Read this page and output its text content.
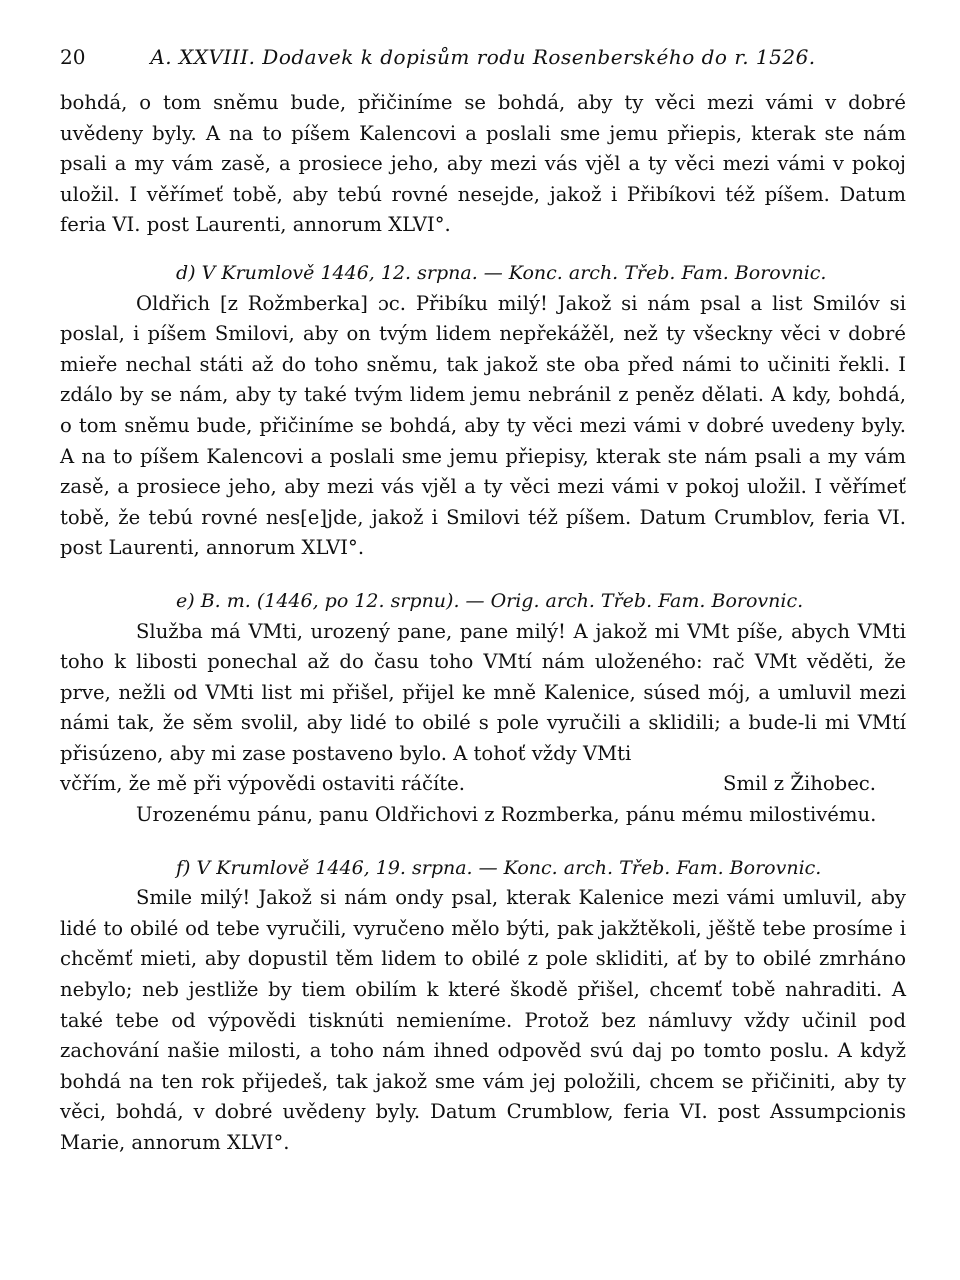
20	A. XXVIII. Dodavek k dopisům rodu Rosenberského do r. 1526.

bohdá, o tom sněmu bude, přičiníme se bohdá, aby ty věci mezi vámi v dobré uvědeny byly. A na to píšem Kalencovi a poslali sme jemu přiepis, kterak ste nám psali a my vám zasě, a prosiece jeho, aby mezi vás vjěl a ty věci mezi vámi v pokoj uložil. I věřímeť tobě, aby tebú rovné nesejde, jakož i Přibíkovi též píšem. Datum feria VI. post Laurenti, annorum XLVI°.

d) V Krumlově 1446, 12. srpna. — Konc. arch. Třeb. Fam. Borovnic.

Oldřich [z Rožmberka] ɔc. Přibíku milý! Jakož si nám psal a list Smilóv si poslal, i píšem Smilovi, aby on tvým lidem nepřekážěl, než ty všeckny věci v dobré mieře nechal státi až do toho sněmu, tak jakož ste oba před námi to učiniti řekli. I zdálo by se nám, aby ty také tvým lidem jemu nebránil z peněz dělati. A kdy, bohdá, o tom sněmu bude, přičiníme se bohdá, aby ty věci mezi vámi v dobré uvedeny byly. A na to píšem Kalencovi a poslali sme jemu přiepisy, kterak ste nám psali a my vám zasě, a prosiece jeho, aby mezi vás vjěl a ty věci mezi vámi v pokoj uložil. I věřímeť tobě, že tebú rovné nes[e]jde, jakož i Smilovi též píšem. Datum Crumblov, feria VI. post Laurenti, annorum XLVI°.

e) B. m. (1446, po 12. srpnu). — Orig. arch. Třeb. Fam. Borovnic.

Služba má VMti, urozený pane, pane milý! A jakož mi VMt píše, abych VMti toho k libosti ponechal až do času toho VMtí nám uloženého: rač VMt věděti, že prve, nežli od VMti list mi přišel, přijel ke mně Kalenice, súsed mój, a umluvil mezi námi tak, že sěm svolil, aby lidé to obilé s pole vyručili a sklidili; a bude-li mi VMtí přisúzeno, aby mi zase postaveno bylo. A tohoť vždy VMti

včřím, že mě při výpovědi ostaviti ráčíte.	Smil z Žihobec.

Urozenému pánu, panu Oldřichovi z Rozmberka, pánu mému milostivému.

f) V Krumlově 1446, 19. srpna. — Konc. arch. Třeb. Fam. Borovnic.

Smile milý! Jakož si nám ondy psal, kterak Kalenice mezi vámi umluvil, aby lidé to obilé od tebe vyručili, vyručeno mělo býti, pak jakžtěkoli, jěště tebe prosíme i chcěmť mieti, aby dopustil těm lidem to obilé z pole skliditi, ať by to obilé zmrháno nebylo; neb jestliže by tiem obilím k které škodě přišel, chcemť tobě nahraditi. A také tebe od výpovědi tisknúti nemieníme. Protož bez námluvy vždy učinil pod zachování našie milosti, a toho nám ihned odpověd svú daj po tomto poslu. A když bohdá na ten rok přijedeš, tak jakož sme vám jej položili, chcem se přičiniti, aby ty věci, bohdá, v dobré uvědeny byly. Datum Crumblow, feria VI. post Assumpcionis Marie, annorum XLVI°.
